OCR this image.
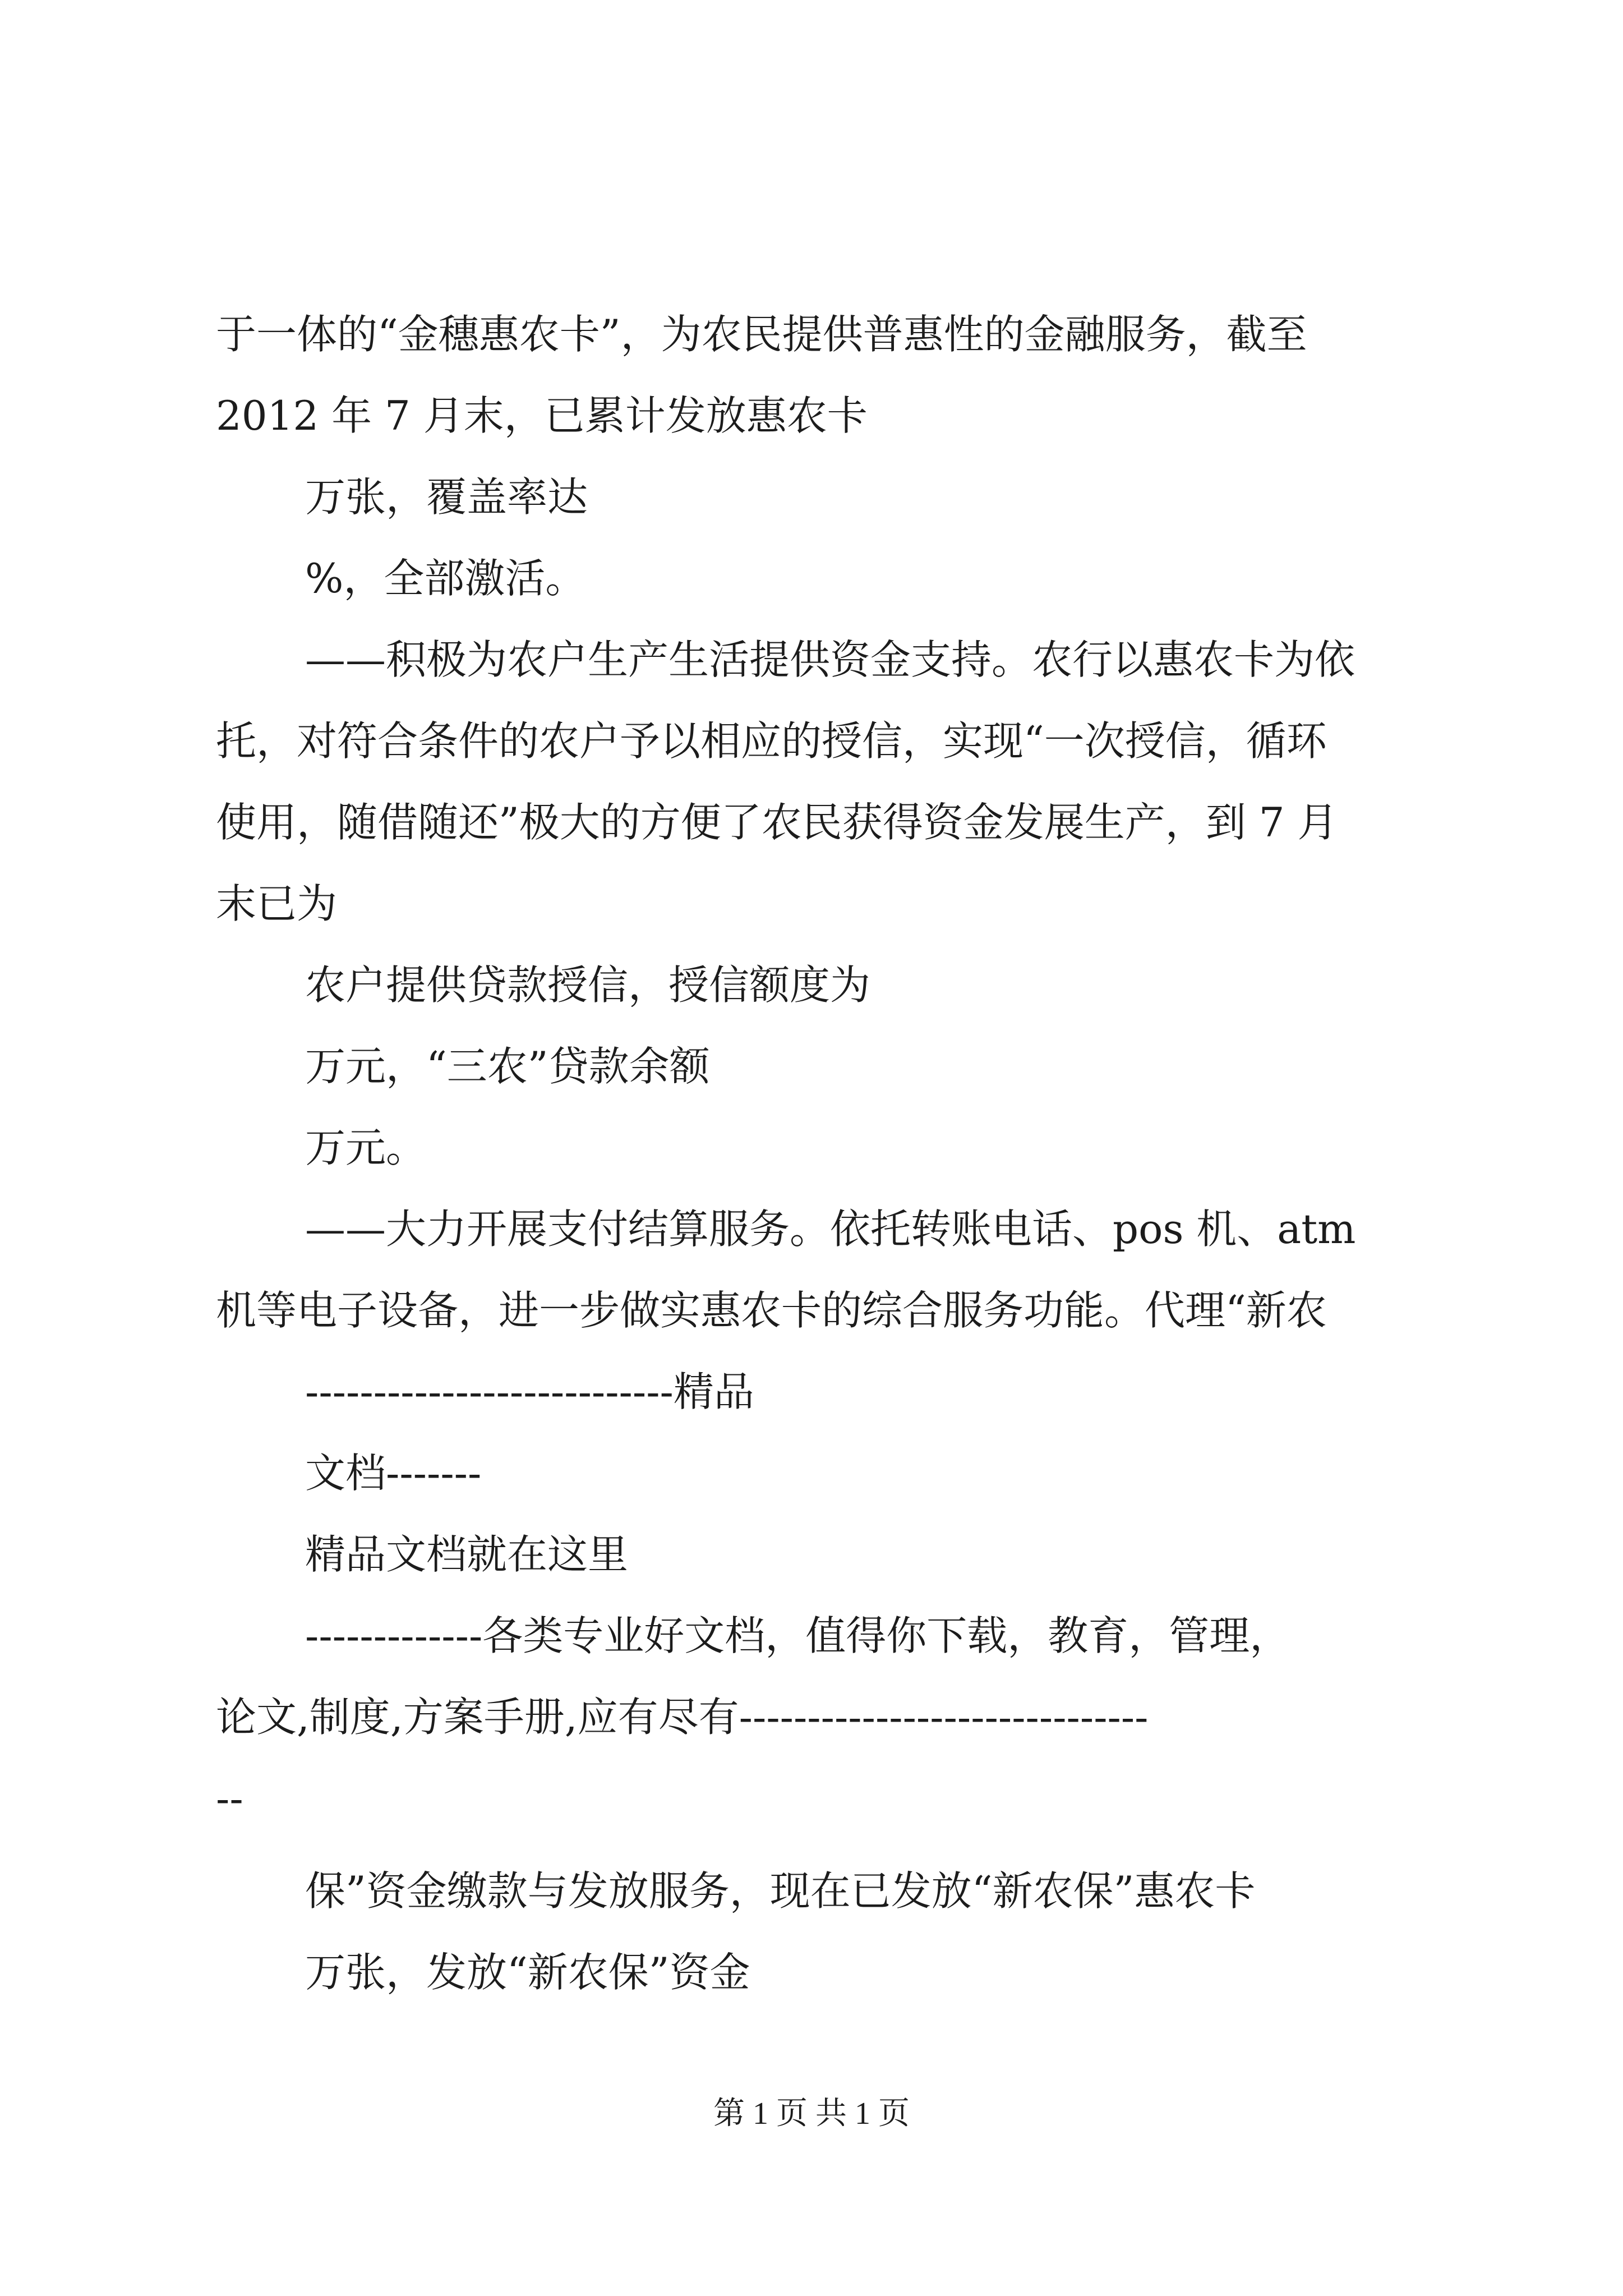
于一体的“金穗惠农卡”，为农民提供普惠性的金融服务，截至
2012 年 7 月末，已累计发放惠农卡
万张，覆盖率达
%，全部激活。
——积极为农户生产生活提供资金支持。农行以惠农卡为依
托，对符合条件的农户予以相应的授信，实现“一次授信，循环
使用，随借随还”极大的方便了农民获得资金发展生产，到 7 月
末已为
农户提供贷款授信，授信额度为
万元，“三农”贷款余额
万元。
——大力开展支付结算服务。依托转账电话、pos 机、atm
机等电子设备，进一步做实惠农卡的综合服务功能。代理“新农
---------------------------精品
文档-------
精品文档就在这里
-------------各类专业好文档，值得你下载，教育，管理，
论文,制度,方案手册,应有尽有------------------------------
--
保”资金缴款与发放服务，现在已发放“新农保”惠农卡
万张，发放“新农保”资金
第 1 页 共 1 页
